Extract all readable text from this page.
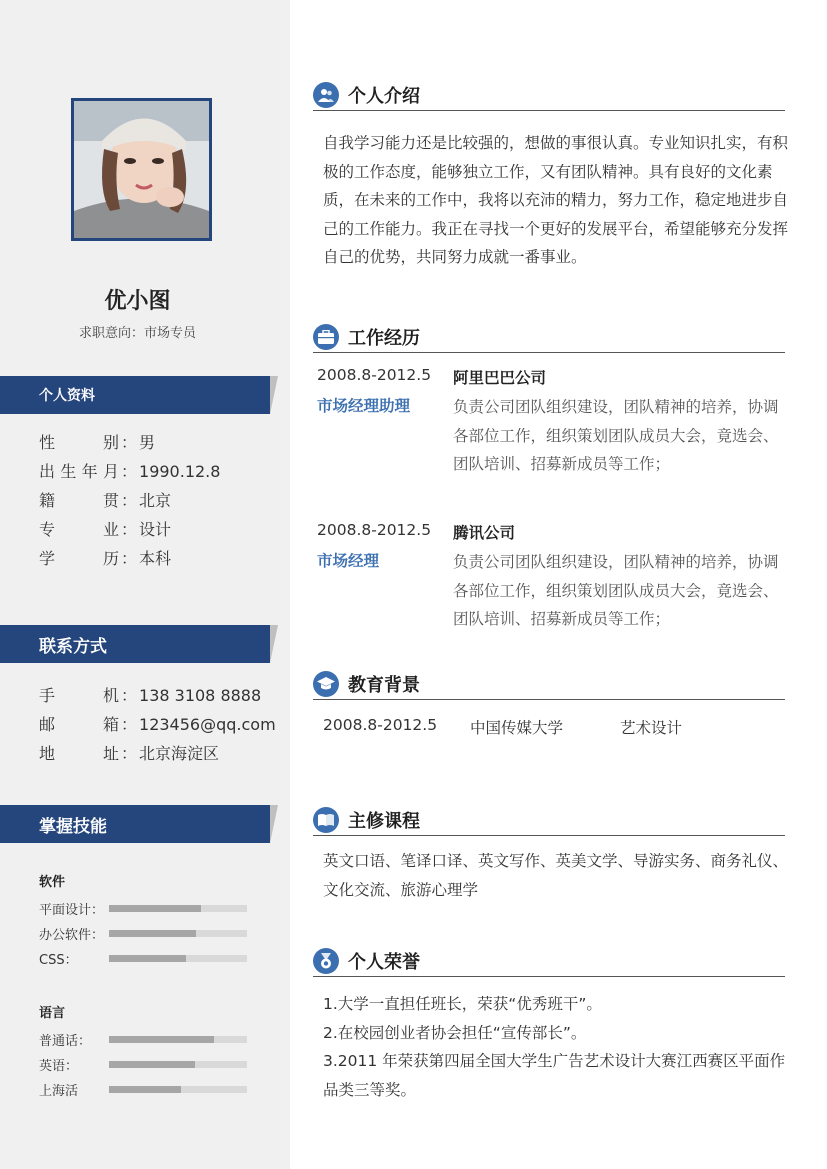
优小图
求职意向：市场专员
个人资料
性　　别 ： 男
出生年月 ： 1990.12.8
籍　　贯 ： 北京
专　　业 ： 设计
学　　历 ： 本科
联系方式
手　　机 ： 138 3108 8888
邮　　箱 ： 123456@qq.com
地　　址 ： 北京海淀区
掌握技能
软件
平面设计：
办公软件：
CSS：
语言
普通话：
英语：
上海活
个人介绍
自我学习能力还是比较强的，想做的事很认真。专业知识扎实，有积极的工作态度，能够独立工作，又有团队精神。具有良好的文化素质，在未来的工作中，我将以充沛的精力，努力工作，稳定地进步自己的工作能力。我正在寻找一个更好的发展平台，希望能够充分发挥自己的优势，共同努力成就一番事业。
工作经历
2008.8-2012.5
市场经理助理
阿里巴巴公司
负责公司团队组织建设，团队精神的培养，协调各部位工作，组织策划团队成员大会，竟选会、团队培训、招募新成员等工作；
2008.8-2012.5
市场经理
腾讯公司
负责公司团队组织建设，团队精神的培养，协调各部位工作，组织策划团队成员大会，竟选会、团队培训、招募新成员等工作；
教育背景
2008.8-2012.5	中国传媒大学	艺术设计
主修课程
英文口语、笔译口译、英文写作、英美文学、导游实务、商务礼仪、文化交流、旅游心理学
个人荣誉
1.大学一直担任班长，荣获“优秀班干”。
2.在校园创业者协会担任“宣传部长”。
3.2011 年荣获第四届全国大学生广告艺术设计大赛江西赛区平面作品类三等奖。
